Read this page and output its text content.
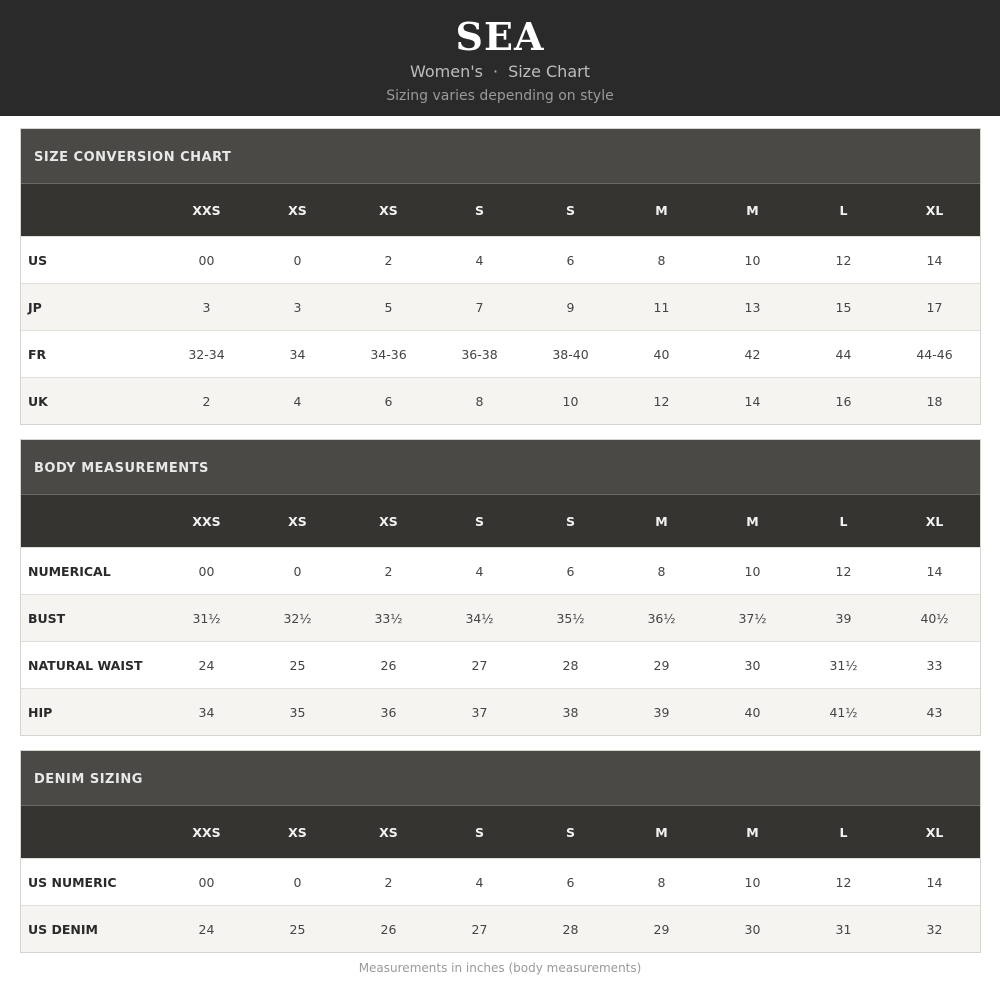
SEA
Women's · Size Chart
Sizing varies depending on style
SIZE CONVERSION CHART
	XXS	XS	XS	S	S	M	M	L	XL
US	00	0	2	4	6	8	10	12	14
JP	3	3	5	7	9	11	13	15	17
FR	32-34	34	34-36	36-38	38-40	40	42	44	44-46
UK	2	4	6	8	10	12	14	16	18
BODY MEASUREMENTS
	XXS	XS	XS	S	S	M	M	L	XL
NUMERICAL	00	0	2	4	6	8	10	12	14
BUST	31½	32½	33½	34½	35½	36½	37½	39	40½
NATURAL WAIST	24	25	26	27	28	29	30	31½	33
HIP	34	35	36	37	38	39	40	41½	43
DENIM SIZING
	XXS	XS	XS	S	S	M	M	L	XL
US NUMERIC	00	0	2	4	6	8	10	12	14
US DENIM	24	25	26	27	28	29	30	31	32
Measurements in inches (body measurements)
